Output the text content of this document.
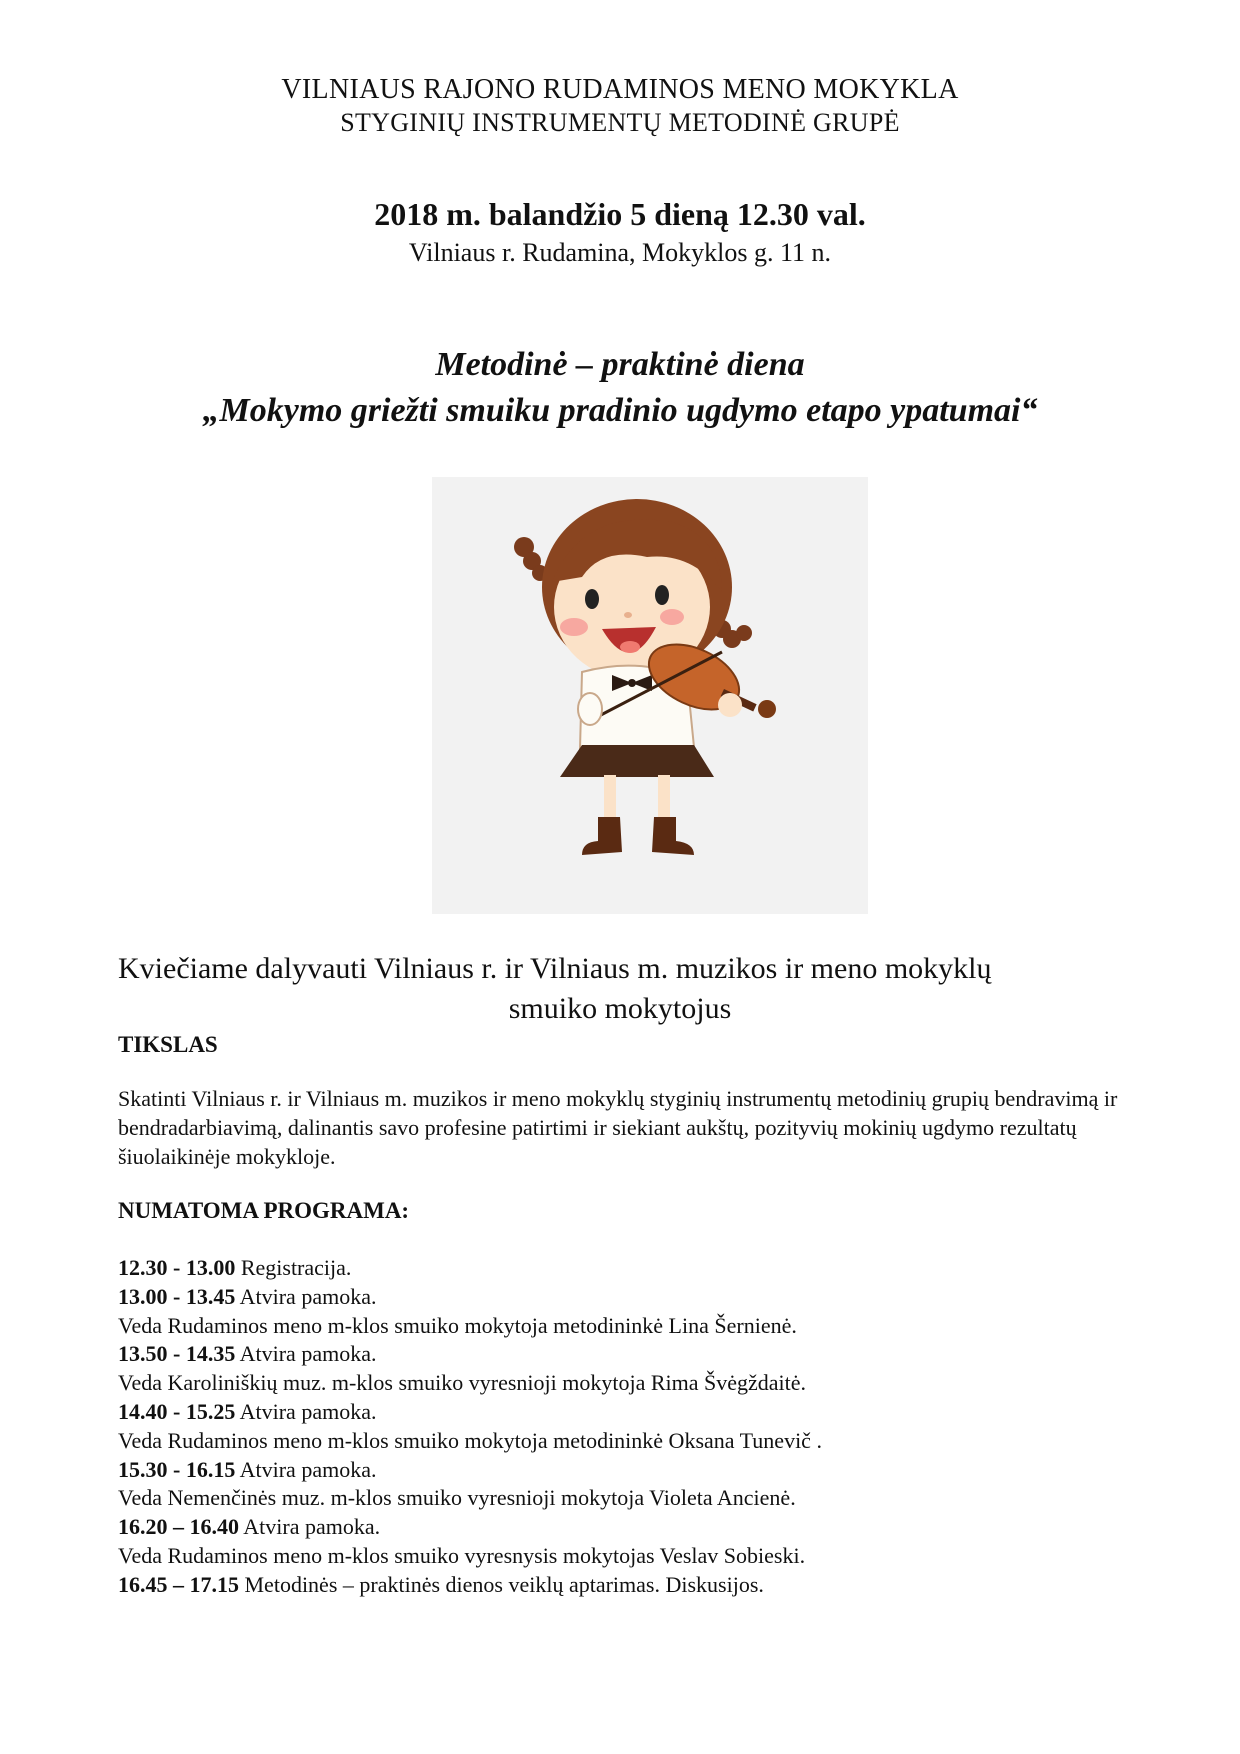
VILNIAUS RAJONO RUDAMINOS MENO MOKYKLA
STYGINIŲ INSTRUMENTŲ METODINĖ GRUPĖ
2018 m. balandžio 5 dieną 12.30 val.
Vilniaus r. Rudamina, Mokyklos g. 11 n.
Metodinė – praktinė diena
„Mokymo griežti smuiku pradinio ugdymo etapo ypatumai“
Kviečiame dalyvauti Vilniaus r. ir Vilniaus m. muzikos ir meno mokyklų
smuiko mokytojus
TIKSLAS
Skatinti Vilniaus r. ir Vilniaus m. muzikos ir meno mokyklų styginių instrumentų metodinių grupių bendravimą ir bendradarbiavimą, dalinantis savo profesine patirtimi ir siekiant aukštų, pozityvių mokinių ugdymo rezultatų šiuolaikinėje mokykloje.
NUMATOMA PROGRAMA:
12.30 - 13.00 Registracija.
13.00 - 13.45 Atvira pamoka.
Veda Rudaminos meno m-klos smuiko mokytoja metodininkė Lina Šernienė.
13.50 - 14.35 Atvira pamoka.
Veda Karoliniškių muz. m-klos smuiko vyresnioji mokytoja Rima Švėgždaitė.
14.40 - 15.25 Atvira pamoka.
Veda Rudaminos meno m-klos smuiko mokytoja metodininkė Oksana Tunevič .
15.30 - 16.15 Atvira pamoka.
Veda Nemenčinės muz. m-klos smuiko vyresnioji mokytoja Violeta Ancienė.
16.20 – 16.40 Atvira pamoka.
Veda Rudaminos meno m-klos smuiko vyresnysis mokytojas Veslav Sobieski.
16.45 – 17.15 Metodinės – praktinės dienos veiklų aptarimas. Diskusijos.
